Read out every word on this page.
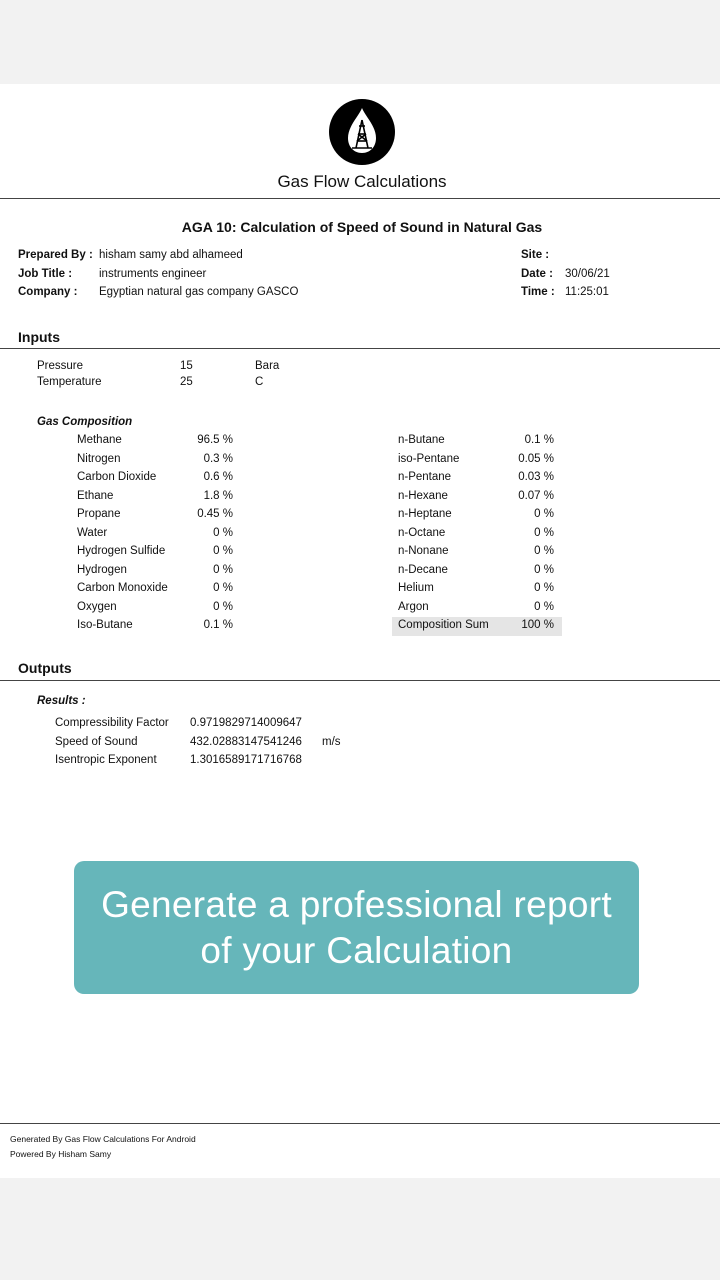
Gas Flow Calculations
AGA 10: Calculation of Speed of Sound in Natural Gas
Prepared By : hisham samy abd alhameed
Job Title : instruments engineer
Company : Egyptian natural gas company GASCO
Site :
Date : 30/06/21
Time : 11:25:01
Inputs
Pressure	15	Bara
Temperature	25	C
Gas Composition
Methane	96.5 %
Nitrogen	0.3 %
Carbon Dioxide	0.6 %
Ethane	1.8 %
Propane	0.45 %
Water	0 %
Hydrogen Sulfide	0 %
Hydrogen	0 %
Carbon Monoxide	0 %
Oxygen	0 %
Iso-Butane	0.1 %
n-Butane	0.1 %
iso-Pentane	0.05 %
n-Pentane	0.03 %
n-Hexane	0.07 %
n-Heptane	0 %
n-Octane	0 %
n-Nonane	0 %
n-Decane	0 %
Helium	0 %
Argon	0 %
Composition Sum	100 %
Outputs
Results :
Compressibility Factor 0.9719829714009647
Speed of Sound	432.02883147541246 m/s
Isentropic Exponent	1.3016589171716768
Generate a professional report
of your Calculation
Generated By Gas Flow Calculations For Android
Powered By Hisham Samy
